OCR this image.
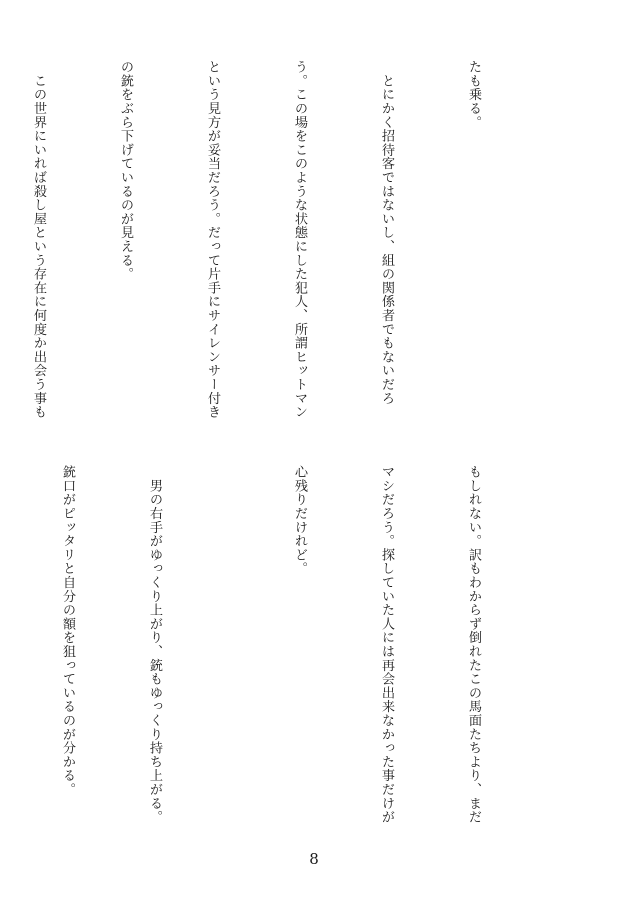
たも乗る。

　とにかく招待客ではないし、組の関係者でもないだろ

う。この場をこのような状態にした犯人、所謂ヒットマン

という見方が妥当だろう。だって片手にサイレンサー付き

の銃をぶら下げているのが見える。

　この世界にいれば殺し屋という存在に何度か出会う事も

もしれない。訳もわからず倒れたこの馬面たちより、まだ

マシだろう。探していた人には再会出来なかった事だけが

心残りだけれど。

　男の右手がゆっくり上がり、銃もゆっくり持ち上がる。

銃口がピッタリと自分の額を狙っているのが分かる。

8
